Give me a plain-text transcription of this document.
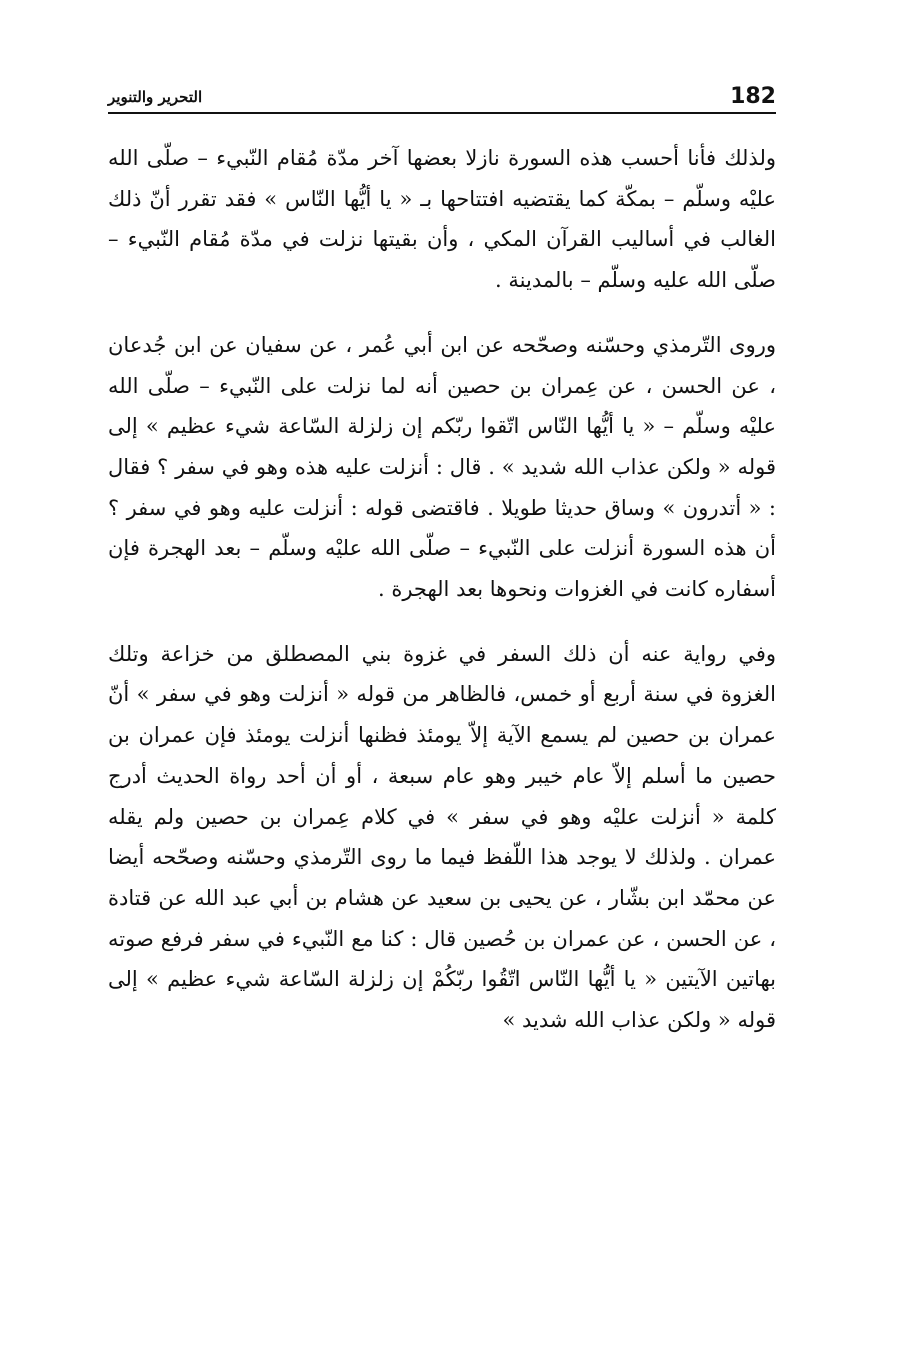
182
التحرير والتنوير

ولذلك فأنا أحسب هذه السورة نازلا بعضها آخر مدّة مُقام النّبيء – صلّى الله عليْه وسلّم – بمكّة كما يقتضيه افتتاحها بـ « يا أيُّها النّاس » فقد تقرر أنّ ذلك الغالب في أساليب القرآن المكي ، وأن بقيتها نزلت في مدّة مُقام النّبيء – صلّى الله عليه وسلّم – بالمدينة .

وروى التّرمذي وحسّنه وصحّحه عن ابن أبي عُمر ، عن سفيان عن ابن جُدعان ، عن الحسن ، عن عِمران بن حصين أنه لما نزلت على النّبيء – صلّى الله عليْه وسلّم – « يا أيُّها النّاس اتّقوا ربّكم إن زلزلة السّاعة شيء عظيم » إلى قوله « ولكن عذاب الله شديد » . قال : أنزلت عليه هذه وهو في سفر ؟ فقال : « أتدرون » وساق حديثا طويلا . فاقتضى قوله : أنزلت عليه وهو في سفر ؟ أن هذه السورة أنزلت على النّبيء – صلّى الله عليْه وسلّم – بعد الهجرة فإن أسفاره كانت في الغزوات ونحوها بعد الهجرة .

وفي رواية عنه أن ذلك السفر في غزوة بني المصطلق من خزاعة وتلك الغزوة في سنة أربع أو خمس، فالظاهر من قوله « أنزلت وهو في سفر » أنّ عمران بن حصين لم يسمع الآية إلاّ يومئذ فظنها أنزلت يومئذ فإن عمران بن حصين ما أسلم إلاّ عام خيبر وهو عام سبعة ، أو أن أحد رواة الحديث أدرج كلمة « أنزلت عليْه وهو في سفر » في كلام عِمران بن حصين ولم يقله عمران . ولذلك لا يوجد هذا اللّفظ فيما ما روى التّرمذي وحسّنه وصحّحه أيضا عن محمّد ابن بشّار ، عن يحيى بن سعيد عن هشام بن أبي عبد الله عن قتادة ، عن الحسن ، عن عمران بن حُصين قال : كنا مع النّبيء في سفر فرفع صوته بهاتين الآيتين « يا أيُّها النّاس اتّقُوا ربّكُمْ إن زلزلة السّاعة شيء عظيم » إلى قوله « ولكن عذاب الله شديد »
